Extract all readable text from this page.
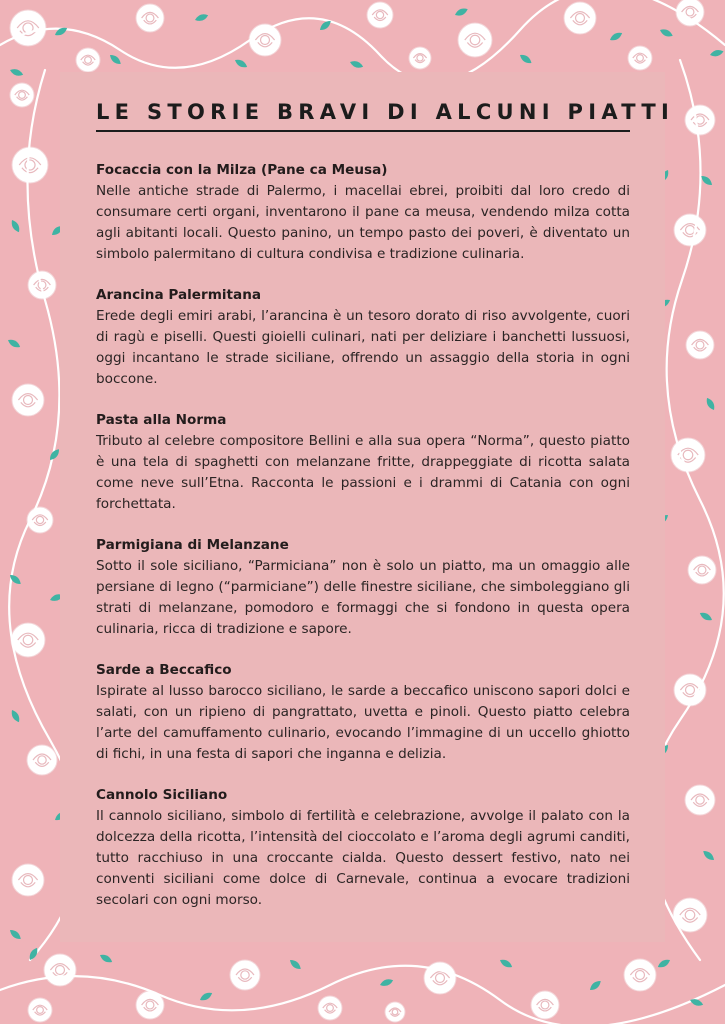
LE STORIE BRAVI DI ALCUNI PIATTI

Focaccia con la Milza (Pane ca Meusa)

Nelle antiche strade di Palermo, i macellai ebrei, proibiti dal loro credo di consumare certi organi, inventarono il pane ca meusa, vendendo milza cotta agli abitanti locali. Questo panino, un tempo pasto dei poveri, è diventato un simbolo palermitano di cultura condivisa e tradizione culinaria.

Arancina Palermitana

Erede degli emiri arabi, l’arancina è un tesoro dorato di riso avvolgente, cuori di ragù e piselli. Questi gioielli culinari, nati per deliziare i banchetti lussuosi, oggi incantano le strade siciliane, offrendo un assaggio della storia in ogni boccone.

Pasta alla Norma

Tributo al celebre compositore Bellini e alla sua opera “Norma”, questo piatto è una tela di spaghetti con melanzane fritte, drappeggiate di ricotta salata come neve sull’Etna. Racconta le passioni e i drammi di Catania con ogni forchettata.

Parmigiana di Melanzane

Sotto il sole siciliano, “Parmiciana” non è solo un piatto, ma un omaggio alle persiane di legno (“parmiciane”) delle finestre siciliane, che simboleggiano gli strati di melanzane, pomodoro e formaggi che si fondono in questa opera culinaria, ricca di tradizione e sapore.

Sarde a Beccafico

Ispirate al lusso barocco siciliano, le sarde a beccafico uniscono sapori dolci e salati, con un ripieno di pangrattato, uvetta e pinoli. Questo piatto celebra l’arte del camuffamento culinario, evocando l’immagine di un uccello ghiotto di fichi, in una festa di sapori che inganna e delizia.

Cannolo Siciliano

Il cannolo siciliano, simbolo di fertilità e celebrazione, avvolge il palato con la dolcezza della ricotta, l’intensità del cioccolato e l’aroma degli agrumi canditi, tutto racchiuso in una croccante cialda. Questo dessert festivo, nato nei conventi siciliani come dolce di Carnevale, continua a evocare tradizioni secolari con ogni morso.
